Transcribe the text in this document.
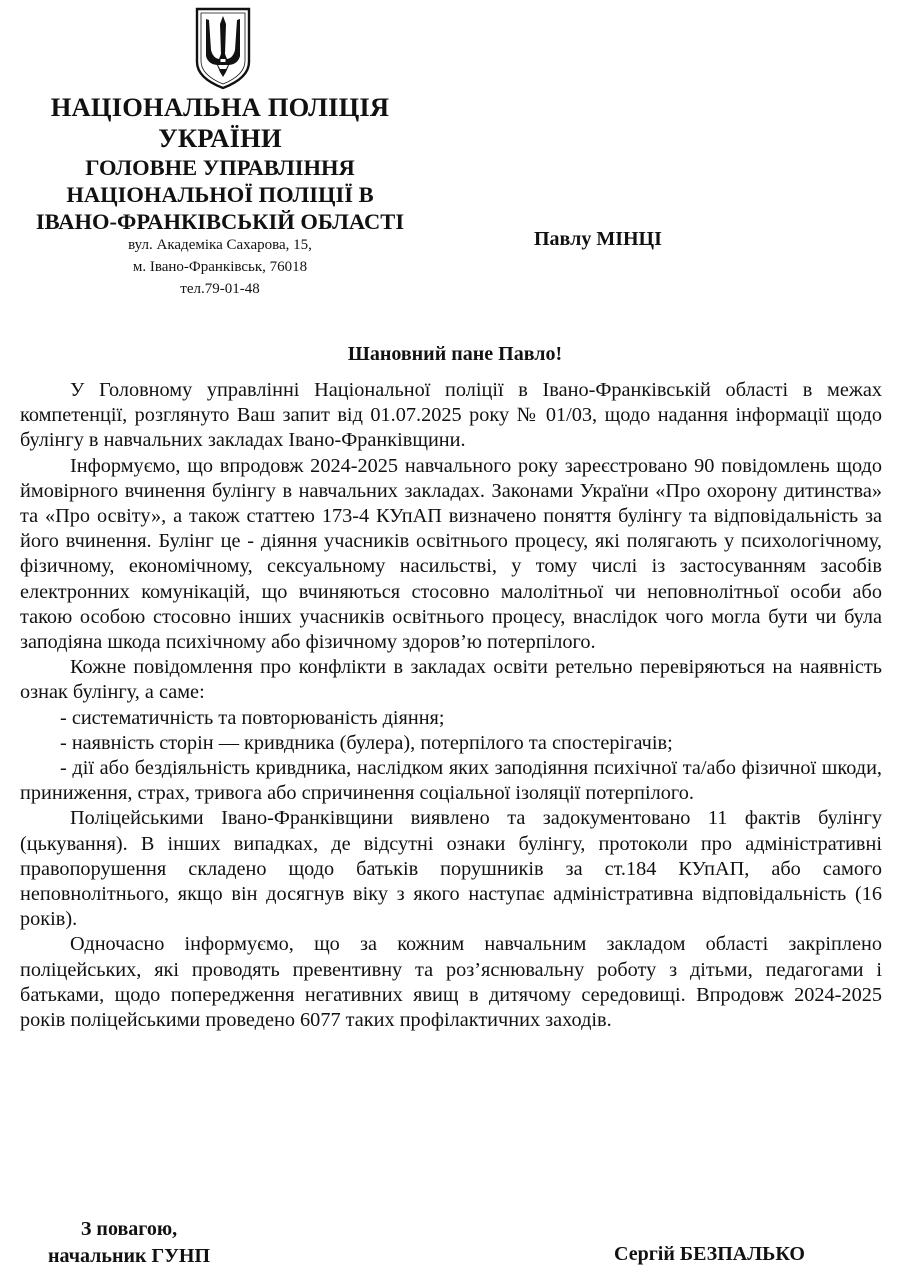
НАЦІОНАЛЬНА ПОЛІЦІЯ
УКРАЇНИ
ГОЛОВНЕ УПРАВЛІННЯ
НАЦІОНАЛЬНОЇ ПОЛІЦІЇ В
ІВАНО-ФРАНКІВСЬКІЙ ОБЛАСТІ
вул. Академіка Сахарова, 15,
м. Івано-Франківськ, 76018
тел.79-01-48
Павлу МІНЦІ
Шановний пане Павло!

У Головному управлінні Національної поліції в Івано-Франківській області в межах компетенції, розглянуто Ваш запит від 01.07.2025 року № 01/03, щодо надання інформації щодо булінгу в навчальних закладах Івано-Франківщини.

Інформуємо, що впродовж 2024-2025 навчального року зареєстровано 90 повідомлень щодо ймовірного вчинення булінгу в навчальних закладах. Законами України «Про охорону дитинства» та «Про освіту», а також статтею 173-4 КУпАП визначено поняття булінгу та відповідальність за його вчинення. Булінг це - діяння учасників освітнього процесу, які полягають у психологічному, фізичному, економічному, сексуальному насильстві, у тому числі із застосуванням засобів електронних комунікацій, що вчиняються стосовно малолітньої чи неповнолітньої особи або такою особою стосовно інших учасників освітнього процесу, внаслідок чого могла бути чи була заподіяна шкода психічному або фізичному здоров’ю потерпілого.

Кожне повідомлення про конфлікти в закладах освіти ретельно перевіряються на наявність ознак булінгу, а саме:

- систематичність та повторюваність діяння;

- наявність сторін — кривдника (булера), потерпілого та спостерігачів;

- дії або бездіяльність кривдника, наслідком яких заподіяння психічної та/або фізичної шкоди, приниження, страх, тривога або спричинення соціальної ізоляції потерпілого.

Поліцейськими Івано-Франківщини виявлено та задокументовано 11 фактів булінгу (цькування). В інших випадках, де відсутні ознаки булінгу, протоколи про адміністративні правопорушення складено щодо батьків порушників за ст.184 КУпАП, або самого неповнолітнього, якщо він досягнув віку з якого наступає адміністративна відповідальність (16 років).

Одночасно інформуємо, що за кожним навчальним закладом області закріплено поліцейських, які проводять превентивну та роз’яснювальну роботу з дітьми, педагогами і батьками, щодо попередження негативних явищ в дитячому середовищі. Впродовж 2024-2025 років поліцейськими проведено 6077 таких профілактичних заходів.

З повагою,
начальник ГУНП	Сергій БЕЗПАЛЬКО
